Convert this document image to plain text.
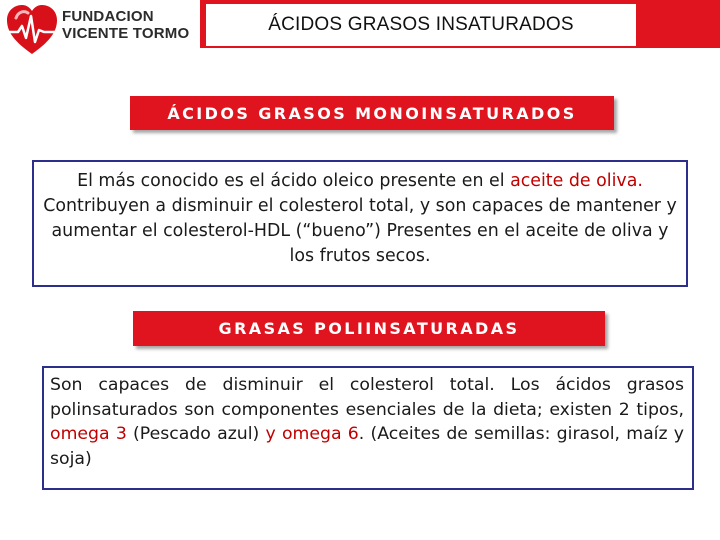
FUNDACION
VICENTE TORMO	ÁCIDOS GRASOS INSATURADOS
ÁCIDOS GRASOS MONOINSATURADOS

El más conocido es el ácido oleico presente en el aceite de oliva. Contribuyen a disminuir el colesterol total, y son capaces de mantener y aumentar el colesterol-HDL (“bueno”) Presentes en el aceite de oliva y los frutos secos.

GRASAS POLIINSATURADAS

Son capaces de disminuir el colesterol total. Los ácidos grasos polinsaturados son componentes esenciales de la dieta; existen 2 tipos, omega 3 (Pescado azul) y omega 6. (Aceites de semillas: girasol, maíz y soja)
